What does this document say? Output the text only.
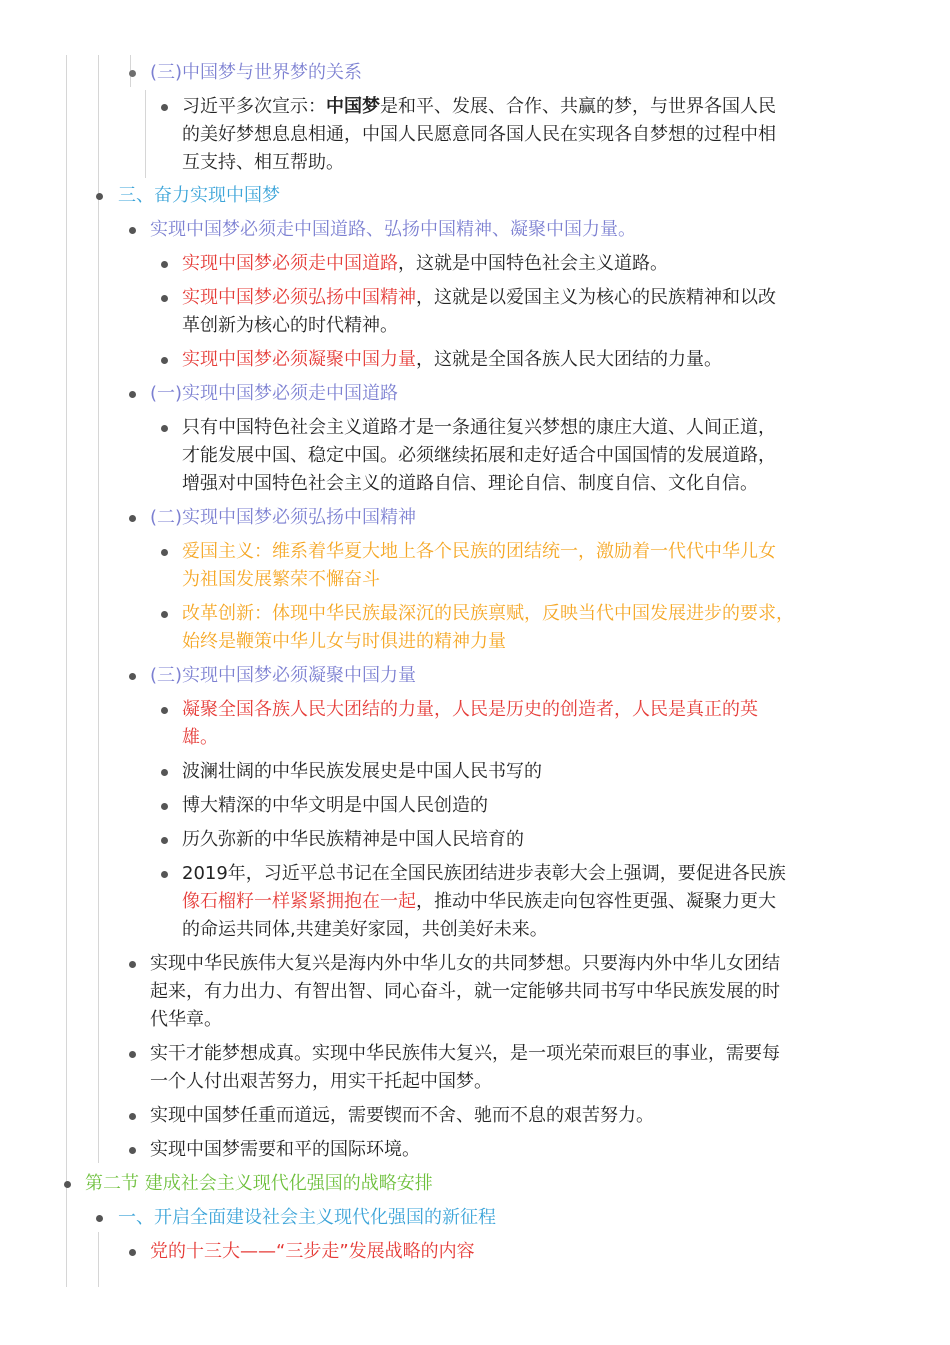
(三)中国梦与世界梦的关系
习近平多次宣示：中国梦是和平、发展、合作、共赢的梦，与世界各国人民
的美好梦想息息相通，中国人民愿意同各国人民在实现各自梦想的过程中相
互支持、相互帮助。
三、奋力实现中国梦
实现中国梦必须走中国道路、弘扬中国精神、凝聚中国力量。
实现中国梦必须走中国道路，这就是中国特色社会主义道路。
实现中国梦必须弘扬中国精神，这就是以爱国主义为核心的民族精神和以改
革创新为核心的时代精神。
实现中国梦必须凝聚中国力量，这就是全国各族人民大团结的力量。
(一)实现中国梦必须走中国道路
只有中国特色社会主义道路才是一条通往复兴梦想的康庄大道、人间正道，
才能发展中国、稳定中国。必须继续拓展和走好适合中国国情的发展道路，
增强对中国特色社会主义的道路自信、理论自信、制度自信、文化自信。
(二)实现中国梦必须弘扬中国精神
爱国主义：维系着华夏大地上各个民族的团结统一，激励着一代代中华儿女
为祖国发展繁荣不懈奋斗
改革创新：体现中华民族最深沉的民族禀赋，反映当代中国发展进步的要求，
始终是鞭策中华儿女与时俱进的精神力量
(三)实现中国梦必须凝聚中国力量
凝聚全国各族人民大团结的力量，人民是历史的创造者，人民是真正的英
雄。
波澜壮阔的中华民族发展史是中国人民书写的
博大精深的中华文明是中国人民创造的
历久弥新的中华民族精神是中国人民培育的
2019年，习近平总书记在全国民族团结进步表彰大会上强调，要促进各民族
像石榴籽一样紧紧拥抱在一起，推动中华民族走向包容性更强、凝聚力更大
的命运共同体,共建美好家园，共创美好未来。
实现中华民族伟大复兴是海内外中华儿女的共同梦想。只要海内外中华儿女团结
起来，有力出力、有智出智、同心奋斗，就一定能够共同书写中华民族发展的时
代华章。
实干才能梦想成真。实现中华民族伟大复兴，是一项光荣而艰巨的事业，需要每
一个人付出艰苦努力，用实干托起中国梦。
实现中国梦任重而道远，需要锲而不舍、驰而不息的艰苦努力。
实现中国梦需要和平的国际环境。
第二节 建成社会主义现代化强国的战略安排
一、开启全面建设社会主义现代化强国的新征程
党的十三大——“三步走”发展战略的内容
